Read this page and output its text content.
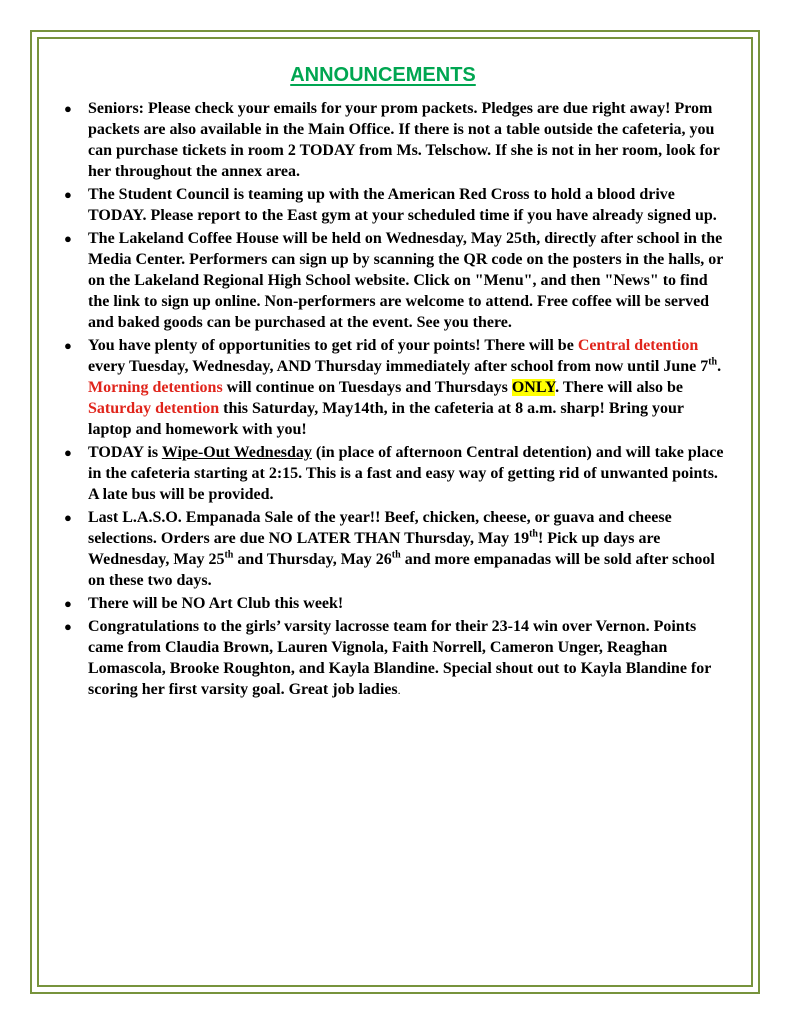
ANNOUNCEMENTS
● Seniors: Please check your emails for your prom packets. Pledges are due right away! Prom packets are also available in the Main Office. If there is not a table outside the cafeteria, you can purchase tickets in room 2 TODAY from Ms. Telschow. If she is not in her room, look for her throughout the annex area.
● The Student Council is teaming up with the American Red Cross to hold a blood drive TODAY. Please report to the East gym at your scheduled time if you have already signed up.
● The Lakeland Coffee House will be held on Wednesday, May 25th, directly after school in the Media Center. Performers can sign up by scanning the QR code on the posters in the halls, or on the Lakeland Regional High School website. Click on "Menu", and then "News" to find the link to sign up online. Non-performers are welcome to attend. Free coffee will be served and baked goods can be purchased at the event. See you there.
● You have plenty of opportunities to get rid of your points! There will be Central detention every Tuesday, Wednesday, AND Thursday immediately after school from now until June 7th. Morning detentions will continue on Tuesdays and Thursdays ONLY. There will also be Saturday detention this Saturday, May14th, in the cafeteria at 8 a.m. sharp! Bring your laptop and homework with you!
● TODAY is Wipe-Out Wednesday (in place of afternoon Central detention) and will take place in the cafeteria starting at 2:15. This is a fast and easy way of getting rid of unwanted points. A late bus will be provided.
● Last L.A.S.O. Empanada Sale of the year!! Beef, chicken, cheese, or guava and cheese selections. Orders are due NO LATER THAN Thursday, May 19th! Pick up days are Wednesday, May 25th and Thursday, May 26th and more empanadas will be sold after school on these two days.
● There will be NO Art Club this week!
● Congratulations to the girls’ varsity lacrosse team for their 23-14 win over Vernon. Points came from Claudia Brown, Lauren Vignola, Faith Norrell, Cameron Unger, Reaghan Lomascola, Brooke Roughton, and Kayla Blandine. Special shout out to Kayla Blandine for scoring her first varsity goal. Great job ladies.
